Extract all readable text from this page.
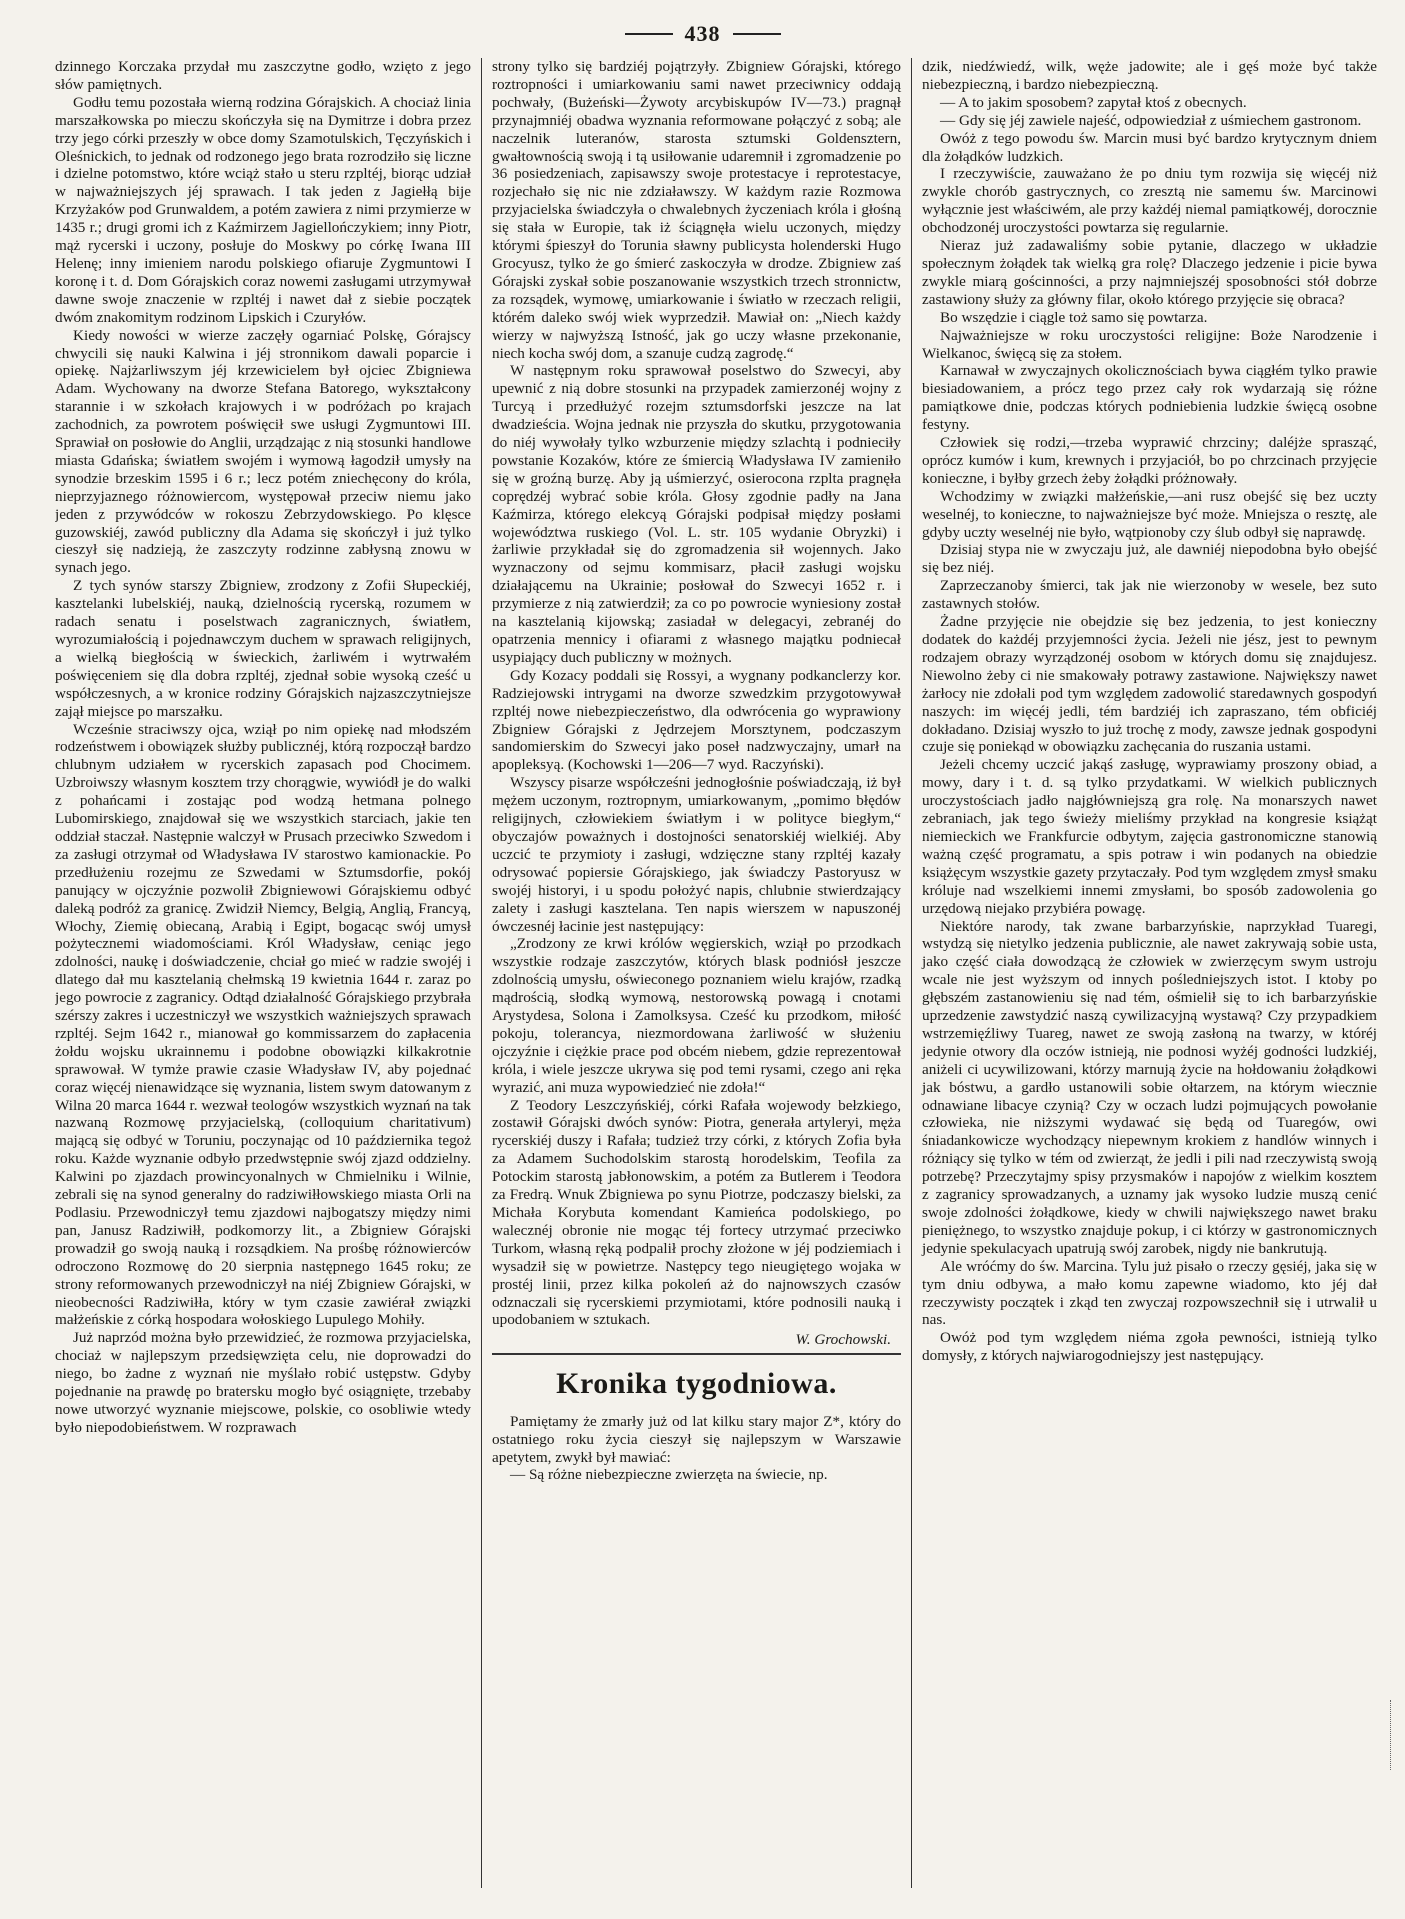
438

dzinnego Korczaka przydał mu zaszczytne godło, wzięto z jego słów pamiętnych.

Godłu temu pozostała wierną rodzina Górajskich. A chociaż linia marszałkowska po mieczu skończyła się na Dymitrze i dobra przez trzy jego córki przeszły w obce domy Szamotulskich, Tęczyńskich i Oleśnickich, to jednak od rodzonego jego brata rozrodziło się liczne i dzielne potomstwo, które wciąż stało u steru rzpltéj, biorąc udział w najważniejszych jéj sprawach. I tak jeden z Jagiełłą bije Krzyżaków pod Grunwaldem, a potém zawiera z nimi przymierze w 1435 r.; drugi gromi ich z Kaźmirzem Jagiellończykiem; inny Piotr, mąż rycerski i uczony, posłuje do Moskwy po córkę Iwana III Helenę; inny imieniem narodu polskiego ofiaruje Zygmuntowi I koronę i t. d. Dom Górajskich coraz nowemi zasługami utrzymywał dawne swoje znaczenie w rzpltéj i nawet dał z siebie początek dwóm znakomitym rodzinom Lipskich i Czuryłów.

Kiedy nowości w wierze zaczęły ogarniać Polskę, Górajscy chwycili się nauki Kalwina i jéj stronnikom dawali poparcie i opiekę. Najżarliwszym jéj krzewicielem był ojciec Zbigniewa Adam. Wychowany na dworze Stefana Batorego, wykształcony starannie i w szkołach krajowych i w podróżach po krajach zachodnich, za powrotem poświęcił swe usługi Zygmuntowi III. Sprawiał on posłowie do Anglii, urządzając z nią stosunki handlowe miasta Gdańska; światłem swojém i wymową łagodził umysły na synodzie brzeskim 1595 i 6 r.; lecz potém zniechęcony do króla, nieprzyjaznego różnowiercom, występował przeciw niemu jako jeden z przywódców w rokoszu Zebrzydowskiego. Po klęsce guzowskiéj, zawód publiczny dla Adama się skończył i już tylko cieszył się nadzieją, że zaszczyty rodzinne zabłysną znowu w synach jego.

Z tych synów starszy Zbigniew, zrodzony z Zofii Słupeckiéj, kasztelanki lubelskiéj, nauką, dzielnością rycerską, rozumem w radach senatu i poselstwach zagranicznych, światłem, wyrozumiałością i pojednawczym duchem w sprawach religijnych, a wielką biegłością w świeckich, żarliwém i wytrwałém poświęceniem się dla dobra rzpltéj, zjednał sobie wysoką cześć u współczesnych, a w kronice rodziny Górajskich najzaszczytniejsze zajął miejsce po marszałku.

Wcześnie straciwszy ojca, wziął po nim opiekę nad młodszém rodzeństwem i obowiązek służby publicznéj, którą rozpoczął bardzo chlubnym udziałem w rycerskich zapasach pod Chocimem. Uzbroiwszy własnym kosztem trzy chorągwie, wywiódł je do walki z pohańcami i zostając pod wodzą hetmana polnego Lubomirskiego, znajdował się we wszystkich starciach, jakie ten oddział staczał. Następnie walczył w Prusach przeciwko Szwedom i za zasługi otrzymał od Władysława IV starostwo kamionackie. Po przedłużeniu rozejmu ze Szwedami w Sztumsdorfie, pokój panujący w ojczyźnie pozwolił Zbigniewowi Górajskiemu odbyć daleką podróż za granicę. Zwidził Niemcy, Belgią, Anglią, Francyą, Włochy, Ziemię obiecaną, Arabią i Egipt, bogacąc swój umysł pożytecznemi wiadomościami. Król Władysław, ceniąc jego zdolności, naukę i doświadczenie, chciał go mieć w radzie swojéj i dlatego dał mu kasztelanią chełmską 19 kwietnia 1644 r. zaraz po jego powrocie z zagranicy. Odtąd działalność Górajskiego przybrała szérszy zakres i uczestniczył we wszystkich ważniejszych sprawach rzpltéj. Sejm 1642 r., mianował go kommissarzem do zapłacenia żołdu wojsku ukrainnemu i podobne obowiązki kilkakrotnie sprawował. W tymże prawie czasie Władysław IV, aby pojednać coraz więcéj nienawidzące się wyznania, listem swym datowanym z Wilna 20 marca 1644 r. wezwał teologów wszystkich wyznań na tak nazwaną Rozmowę przyjacielską, (colloquium charitativum) mającą się odbyć w Toruniu, poczynając od 10 października tegoż roku. Każde wyznanie odbyło przedwstępnie swój zjazd oddzielny. Kalwini po zjazdach prowincyonalnych w Chmielniku i Wilnie, zebrali się na synod generalny do radziwiłłowskiego miasta Orli na Podlasiu. Przewodniczył temu zjazdowi najbogatszy między nimi pan, Janusz Radziwiłł, podkomorzy lit., a Zbigniew Górajski prowadził go swoją nauką i rozsądkiem. Na prośbę różnowierców odroczono Rozmowę do 20 sierpnia następnego 1645 roku; ze strony reformowanych przewodniczył na niéj Zbigniew Górajski, w nieobecności Radziwiłła, który w tym czasie zawiérał związki małżeńskie z córką hospodara wołoskiego Lupulego Mohiły.

Już naprzód można było przewidzieć, że rozmowa przyjacielska, chociaż w najlepszym przedsięwzięta celu, nie doprowadzi do niego, bo żadne z wyznań nie myślało robić ustępstw. Gdyby pojednanie na prawdę po bratersku mogło być osiągnięte, trzebaby nowe utworzyć wyznanie miejscowe, polskie, co osobliwie wtedy było niepodobieństwem. W rozprawach

strony tylko się bardziéj pojątrzyły. Zbigniew Górajski, którego roztropności i umiarkowaniu sami nawet przeciwnicy oddają pochwały, (Bużeński—Żywoty arcybiskupów IV—73.) pragnął przynajmniéj obadwa wyznania reformowane połączyć z sobą; ale naczelnik luteranów, starosta sztumski Goldensztern, gwałtownością swoją i tą usiłowanie udaremnił i zgromadzenie po 36 posiedzeniach, zapisawszy swoje protestacye i reprotestacye, rozjechało się nic nie zdziaławszy. W każdym razie Rozmowa przyjacielska świadczyła o chwalebnych życzeniach króla i głośną się stała w Europie, tak iż ściągnęła wielu uczonych, między którymi śpieszył do Torunia sławny publicysta holenderski Hugo Grocyusz, tylko że go śmierć zaskoczyła w drodze. Zbigniew zaś Górajski zyskał sobie poszanowanie wszystkich trzech stronnictw, za rozsądek, wymowę, umiarkowanie i światło w rzeczach religii, którém daleko swój wiek wyprzedził. Mawiał on: „Niech każdy wierzy w najwyższą Istność, jak go uczy własne przekonanie, niech kocha swój dom, a szanuje cudzą zagrodę.“

W następnym roku sprawował poselstwo do Szwecyi, aby upewnić z nią dobre stosunki na przypadek zamierzonéj wojny z Turcyą i przedłużyć rozejm sztumsdorfski jeszcze na lat dwadzieścia. Wojna jednak nie przyszła do skutku, przygotowania do niéj wywołały tylko wzburzenie między szlachtą i podnieciły powstanie Kozaków, które ze śmiercią Władysława IV zamieniło się w groźną burzę. Aby ją uśmierzyć, osierocona rzplta pragnęła coprędzéj wybrać sobie króla. Głosy zgodnie padły na Jana Kaźmirza, którego elekcyą Górajski podpisał między posłami województwa ruskiego (Vol. L. str. 105 wydanie Obryzki) i żarliwie przykładał się do zgromadzenia sił wojennych. Jako wyznaczony od sejmu kommisarz, płacił zasługi wojsku działającemu na Ukrainie; posłował do Szwecyi 1652 r. i przymierze z nią zatwierdził; za co po powrocie wyniesiony został na kasztelanią kijowską; zasiadał w delegacyi, zebranéj do opatrzenia mennicy i ofiarami z własnego majątku podniecał usypiający duch publiczny w możnych.

Gdy Kozacy poddali się Rossyi, a wygnany podkanclerzy kor. Radziejowski intrygami na dworze szwedzkim przygotowywał rzpltéj nowe niebezpieczeństwo, dla odwrócenia go wyprawiony Zbigniew Górajski z Jędrzejem Morsztynem, podczaszym sandomierskim do Szwecyi jako poseł nadzwyczajny, umarł na apopleksyą. (Kochowski 1—206—7 wyd. Raczyński).

Wszyscy pisarze współcześni jednogłośnie poświadczają, iż był mężem uczonym, roztropnym, umiarkowanym, „pomimo błędów religijnych, człowiekiem światłym i w polityce biegłym,“ obyczajów poważnych i dostojności senatorskiéj wielkiéj. Aby uczcić te przymioty i zasługi, wdzięczne stany rzpltéj kazały odrysować popiersie Górajskiego, jak świadczy Pastoryusz w swojéj historyi, i u spodu położyć napis, chlubnie stwierdzający zalety i zasługi kasztelana. Ten napis wierszem w napuszonéj ówczesnéj łacinie jest następujący:

„Zrodzony ze krwi królów węgierskich, wziął po przodkach wszystkie rodzaje zaszczytów, których blask podniósł jeszcze zdolnością umysłu, oświeconego poznaniem wielu krajów, rzadką mądrością, słodką wymową, nestorowską powagą i cnotami Arystydesa, Solona i Zamolksysa. Cześć ku przodkom, miłość pokoju, tolerancya, niezmordowana żarliwość w służeniu ojczyźnie i ciężkie prace pod obcém niebem, gdzie reprezentował króla, i wiele jeszcze ukrywa się pod temi rysami, czego ani ręka wyrazić, ani muza wypowiedzieć nie zdoła!“

Z Teodory Leszczyńskiéj, córki Rafała wojewody bełzkiego, zostawił Górajski dwóch synów: Piotra, generała artyleryi, męża rycerskiéj duszy i Rafała; tudzież trzy córki, z których Zofia była za Adamem Suchodolskim starostą horodelskim, Teofila za Potockim starostą jabłonowskim, a potém za Butlerem i Teodora za Fredrą. Wnuk Zbigniewa po synu Piotrze, podczaszy bielski, za Michała Korybuta komendant Kamieńca podolskiego, po walecznéj obronie nie mogąc téj fortecy utrzymać przeciwko Turkom, własną ręką podpalił prochy złożone w jéj podziemiach i wysadził się w powietrze. Następcy tego nieugiętego wojaka w prostéj linii, przez kilka pokoleń aż do najnowszych czasów odznaczali się rycerskiemi przymiotami, które podnosili nauką i upodobaniem w sztukach.

W. Grochowski.
Kronika tygodniowa.

Pamiętamy że zmarły już od lat kilku stary major Z*, który do ostatniego roku życia cieszył się najlepszym w Warszawie apetytem, zwykł był mawiać:

— Są różne niebezpieczne zwierzęta na świecie, np.

dzik, niedźwiedź, wilk, węże jadowite; ale i gęś może być także niebezpieczną, i bardzo niebezpieczną.

— A to jakim sposobem? zapytał ktoś z obecnych.

— Gdy się jéj zawiele najeść, odpowiedział z uśmiechem gastronom.

Owóż z tego powodu św. Marcin musi być bardzo krytycznym dniem dla żołądków ludzkich.

I rzeczywiście, zauważano że po dniu tym rozwija się więcéj niż zwykle chorób gastrycznych, co zresztą nie samemu św. Marcinowi wyłącznie jest właściwém, ale przy każdéj niemal pamiątkowéj, dorocznie obchodzonéj uroczystości powtarza się regularnie.

Nieraz już zadawaliśmy sobie pytanie, dlaczego w układzie społecznym żołądek tak wielką gra rolę? Dlaczego jedzenie i picie bywa zwykle miarą gościnności, a przy najmniejszéj sposobności stół dobrze zastawiony służy za główny filar, około którego przyjęcie się obraca?

Bo wszędzie i ciągle toż samo się powtarza.

Najważniejsze w roku uroczystości religijne: Boże Narodzenie i Wielkanoc, święcą się za stołem.

Karnawał w zwyczajnych okolicznościach bywa ciągłém tylko prawie biesiadowaniem, a prócz tego przez cały rok wydarzają się różne pamiątkowe dnie, podczas których podniebienia ludzkie święcą osobne festyny.

Człowiek się rodzi,—trzeba wyprawić chrzciny; daléjże sprasząć, oprócz kumów i kum, krewnych i przyjaciół, bo po chrzcinach przyjęcie konieczne, i byłby grzech żeby żołądki próżnowały.

Wchodzimy w związki małżeńskie,—ani rusz obejść się bez uczty weselnéj, to konieczne, to najważniejsze być może. Mniejsza o resztę, ale gdyby uczty weselnéj nie było, wątpionoby czy ślub odbył się naprawdę.

Dzisiaj stypa nie w zwyczaju już, ale dawniéj niepodobna było obejść się bez niéj.

Zaprzeczanoby śmierci, tak jak nie wierzonoby w wesele, bez suto zastawnych stołów.

Żadne przyjęcie nie obejdzie się bez jedzenia, to jest konieczny dodatek do każdéj przyjemności życia. Jeżeli nie jész, jest to pewnym rodzajem obrazy wyrządzonéj osobom w których domu się znajdujesz. Niewolno żeby ci nie smakowały potrawy zastawione. Największy nawet żarłocy nie zdołali pod tym względem zadowolić staredawnych gospodyń naszych: im więcéj jedli, tém bardziéj ich zapraszano, tém obficiéj dokładano. Dzisiaj wyszło to już trochę z mody, zawsze jednak gospodyni czuje się poniekąd w obowiązku zachęcania do ruszania ustami.

Jeżeli chcemy uczcić jakąś zasługę, wyprawiamy proszony obiad, a mowy, dary i t. d. są tylko przydatkami. W wielkich publicznych uroczystościach jadło najgłówniejszą gra rolę. Na monarszych nawet zebraniach, jak tego świeży mieliśmy przykład na kongresie książąt niemieckich we Frankfurcie odbytym, zajęcia gastronomiczne stanowią ważną część programatu, a spis potraw i win podanych na obiedzie książęcym wszystkie gazety przytaczały. Pod tym względem zmysł smaku króluje nad wszelkiemi innemi zmysłami, bo sposób zadowolenia go urzędową niejako przybiéra powagę.

Niektóre narody, tak zwane barbarzyńskie, naprzykład Tuaregi, wstydzą się nietylko jedzenia publicznie, ale nawet zakrywają sobie usta, jako część ciała dowodzącą że człowiek w zwierzęcym swym ustroju wcale nie jest wyższym od innych pośledniejszych istot. I ktoby po głębszém zastanowieniu się nad tém, ośmielił się to ich barbarzyńskie uprzedzenie zawstydzić naszą cywilizacyjną wystawą? Czy przypadkiem wstrzemięźliwy Tuareg, nawet ze swoją zasłoną na twarzy, w któréj jedynie otwory dla oczów istnieją, nie podnosi wyżéj godności ludzkiéj, aniżeli ci ucywilizowani, którzy marnują życie na hołdowaniu żołądkowi jak bóstwu, a gardło ustanowili sobie ołtarzem, na którym wiecznie odnawiane libacye czynią? Czy w oczach ludzi pojmujących powołanie człowieka, nie niższymi wydawać się będą od Tuaregów, owi śniadankowicze wychodzący niepewnym krokiem z handlów winnych i różniący się tylko w tém od zwierząt, że jedli i pili nad rzeczywistą swoją potrzebę? Przeczytajmy spisy przysmaków i napojów z wielkim kosztem z zagranicy sprowadzanych, a uznamy jak wysoko ludzie muszą cenić swoje zdolności żołądkowe, kiedy w chwili największego nawet braku pieniężnego, to wszystko znajduje pokup, i ci którzy w gastronomicznych jedynie spekulacyach upatrują swój zarobek, nigdy nie bankrutują.

Ale wróćmy do św. Marcina. Tylu już pisało o rzeczy gęsiéj, jaka się w tym dniu odbywa, a mało komu zapewne wiadomo, kto jéj dał rzeczywisty początek i zkąd ten zwyczaj rozpowszechnił się i utrwalił u nas.

Owóż pod tym względem niéma zgoła pewności, istnieją tylko domysły, z których najwiarogodniejszy jest następujący.
